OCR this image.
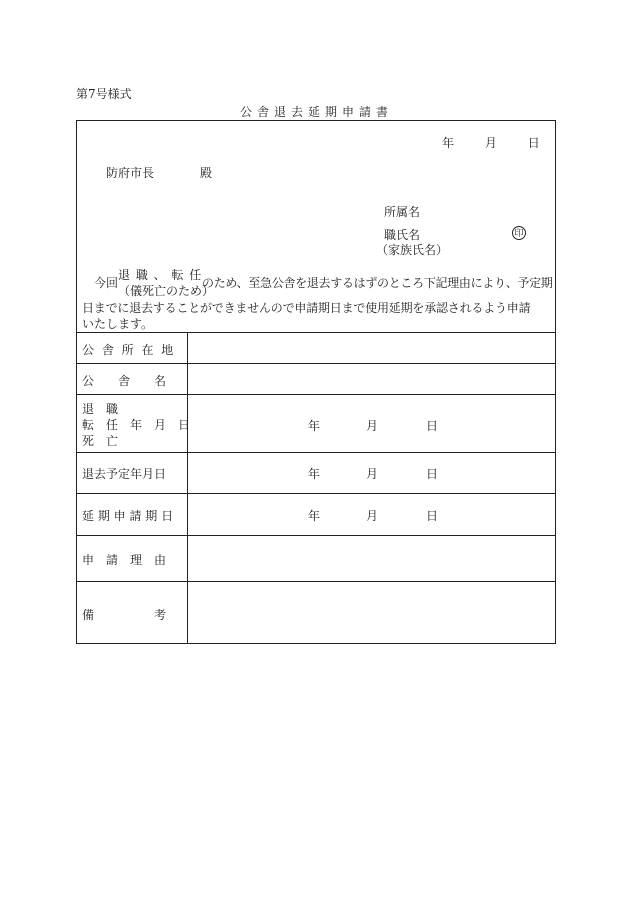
第7号様式
公舎退去延期申請書
年	月	日
防府市長	殿
所属名
職氏名	印
（家族氏名）
今回
退 職 、 転 任
（儀死亡のため）
のため、至急公舎を退去するはずのところ下記理由により、予定期
日までに退去することができませんので申請期日まで使用延期を承認されるよう申請
いたします。
公 舎 所 在 地
公　　舎　　名
退　職
転　任　年　月　日
死　亡
年	月	日
退去予定年月日	年	月	日
延 期 申 請 期 日	年	月	日
申　請　理　由
備　　　　　考
